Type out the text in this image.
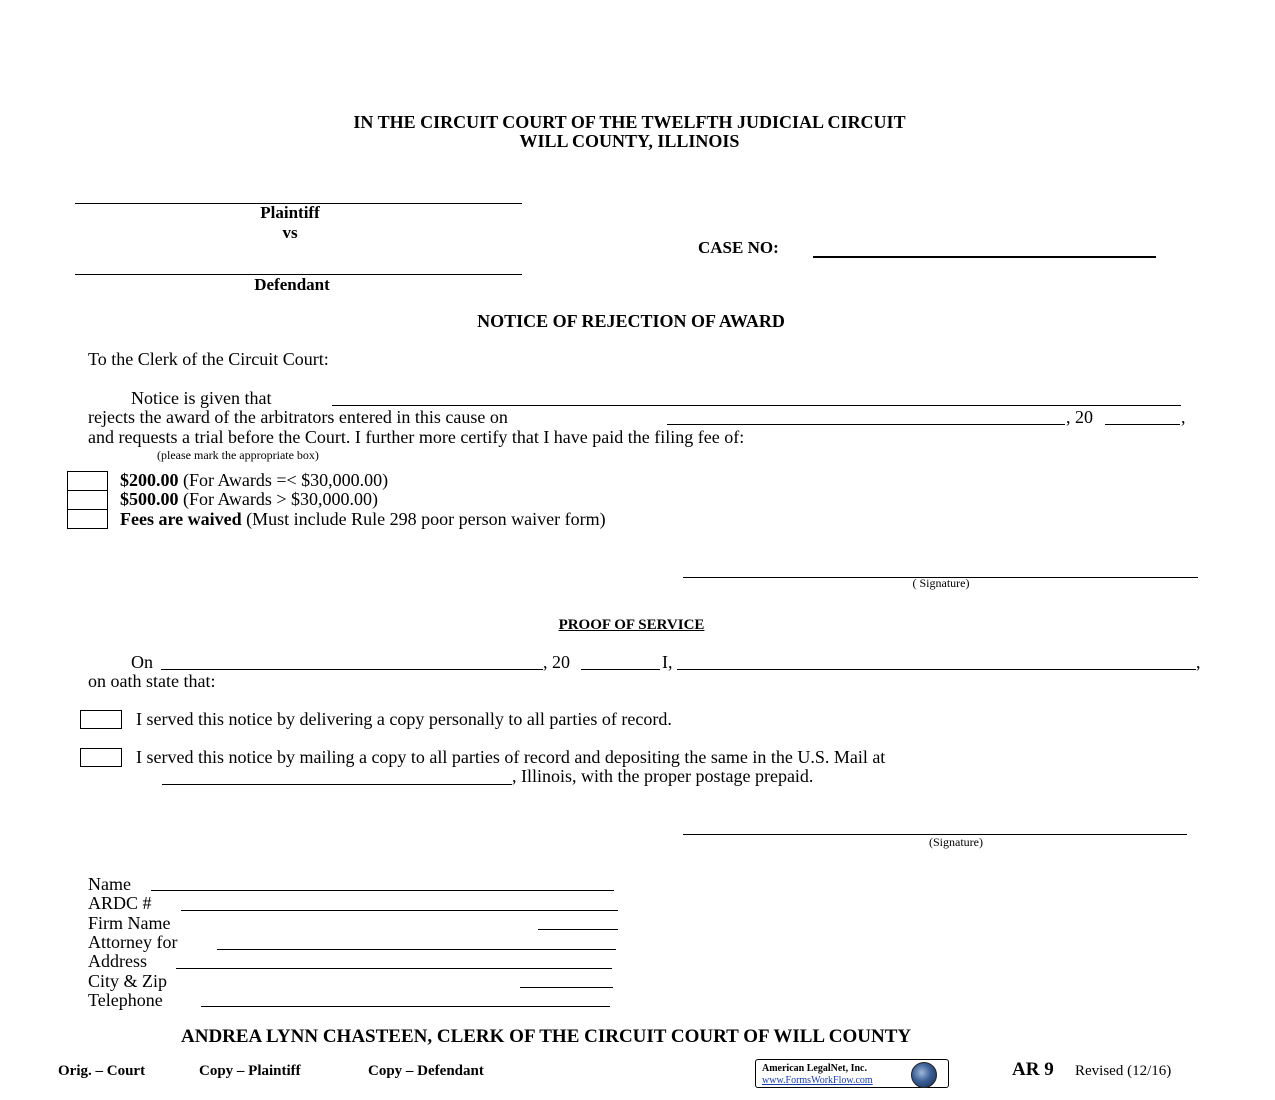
IN THE CIRCUIT COURT OF THE TWELFTH JUDICIAL CIRCUIT
WILL COUNTY, ILLINOIS
Plaintiff
vs
CASE NO:
Defendant
NOTICE OF REJECTION OF AWARD
To the Clerk of the Circuit Court:
Notice is given that
rejects the award of the arbitrators entered in this cause on	, 20	,
and requests a trial before the Court. I further more certify that I have paid the filing fee of:
(please mark the appropriate box)
$200.00 (For Awards =< $30,000.00)
$500.00 (For Awards > $30,000.00)
Fees are waived (Must include Rule 298 poor person waiver form)
( Signature)
PROOF OF SERVICE
On	, 20	I,	,
on oath state that:
I served this notice by delivering a copy personally to all parties of record.
I served this notice by mailing a copy to all parties of record and depositing the same in the U.S. Mail at
, Illinois, with the proper postage prepaid.
(Signature)
Name
ARDC #
Firm Name
Attorney for
Address
City & Zip
Telephone
ANDREA LYNN CHASTEEN, CLERK OF THE CIRCUIT COURT OF WILL COUNTY
Orig. – Court	Copy – Plaintiff	Copy – Defendant	American LegalNet, Inc.
www.FormsWorkFlow.com
AR 9 Revised (12/16)
